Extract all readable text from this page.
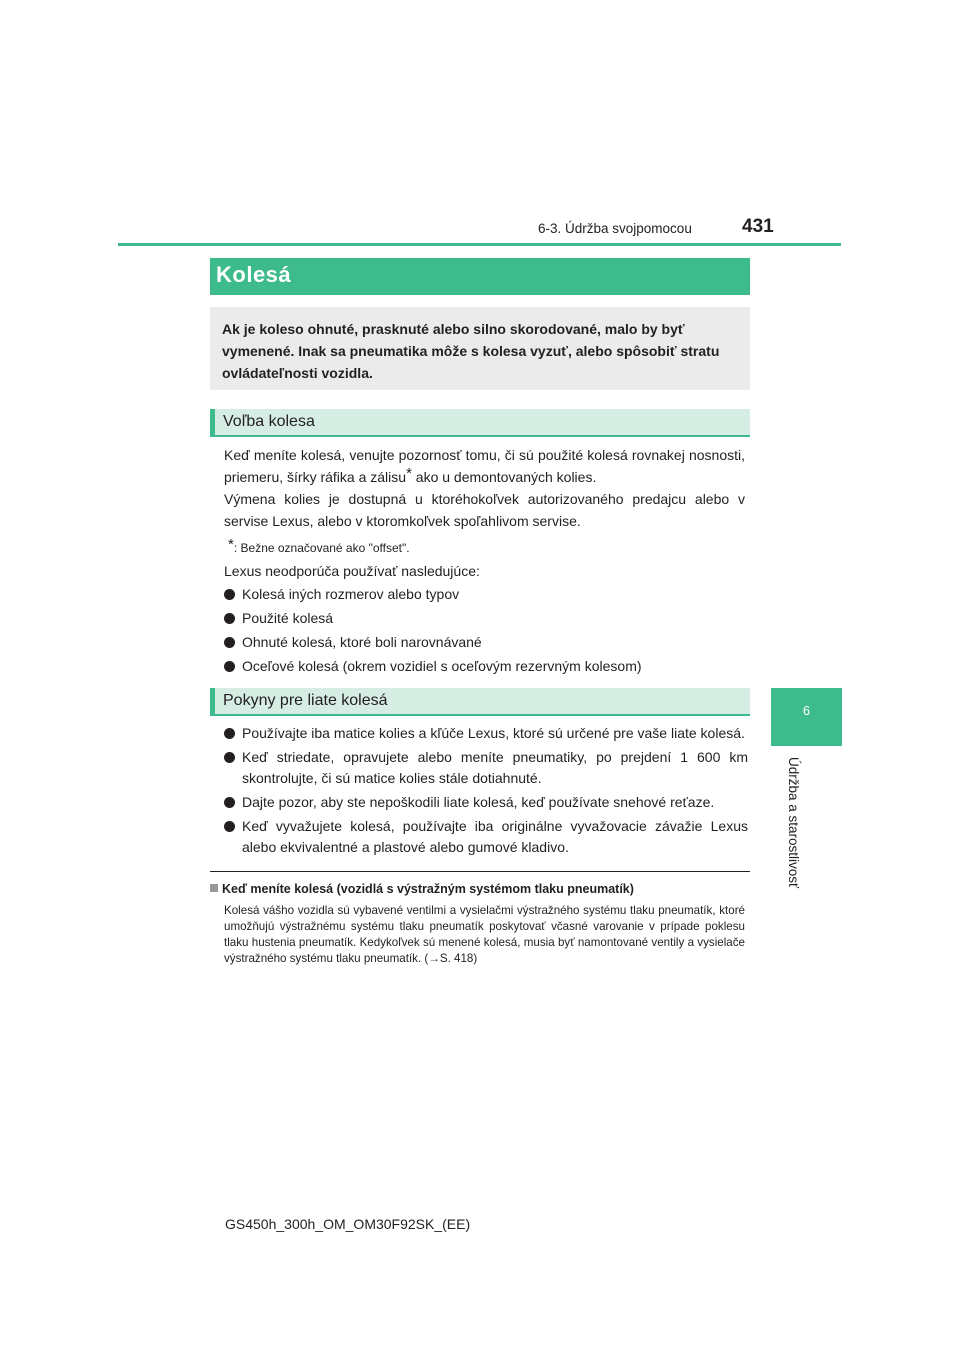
6-3. Údržba svojpomocou	431
6
Údržba a starostlivosť
Kolesá

Ak je koleso ohnuté, prasknuté alebo silno skorodované, malo by byť vymenené. Inak sa pneumatika môže s kolesa vyzuť, alebo spôsobiť stratu ovládateľnosti vozidla.

Voľba kolesa

Keď meníte kolesá, venujte pozornosť tomu, či sú použité kolesá rovnakej nosnosti, priemeru, šírky ráfika a zálisu* ako u demontovaných kolies.

Výmena kolies je dostupná u ktoréhokoľvek autorizovaného predajcu alebo v servise Lexus, alebo v ktoromkoľvek spoľahlivom servise.

*: Bežne označované ako "offset".

Lexus neodporúča používať nasledujúce:

Kolesá iných rozmerov alebo typov
Použité kolesá
Ohnuté kolesá, ktoré boli narovnávané
Oceľové kolesá (okrem vozidiel s oceľovým rezervným kolesom)
Pokyny pre liate kolesá
Používajte iba matice kolies a kľúče Lexus, ktoré sú určené pre vaše liate kolesá.
Keď striedate, opravujete alebo meníte pneumatiky, po prejdení 1 600 km skontrolujte, či sú matice kolies stále dotiahnuté.
Dajte pozor, aby ste nepoškodili liate kolesá, keď používate snehové reťaze.
Keď vyvažujete kolesá, používajte iba originálne vyvažovacie závažie Lexus alebo ekvivalentné a plastové alebo gumové kladivo.
Keď meníte kolesá (vozidlá s výstražným systémom tlaku pneumatík)

Kolesá vášho vozidla sú vybavené ventilmi a vysielačmi výstražného systému tlaku pneumatík, ktoré umožňujú výstražnému systému tlaku pneumatík poskytovať včasné varovanie v prípade poklesu tlaku hustenia pneumatík. Kedykoľvek sú menené kolesá, musia byť namontované ventily a vysielače výstražného systému tlaku pneumatík. (→S. 418)

GS450h_300h_OM_OM30F92SK_(EE)
